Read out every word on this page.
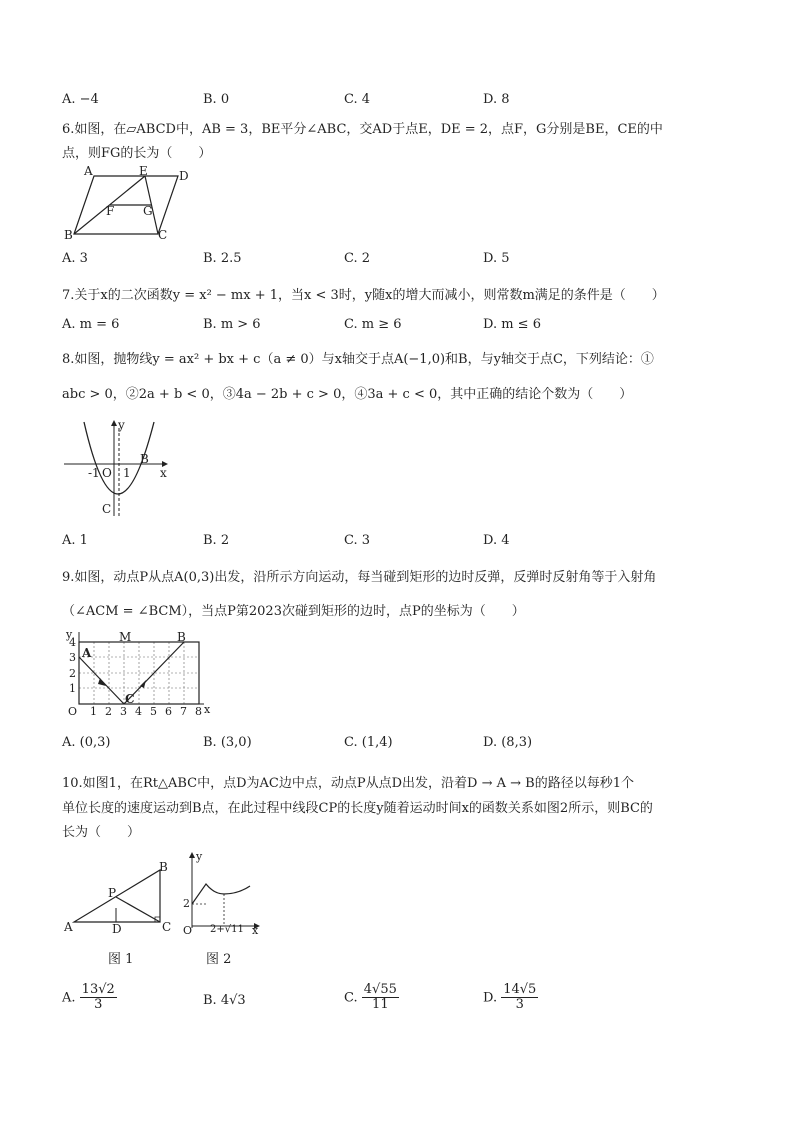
A. −4	B. 0	C. 4	D. 8
6.如图，在▱ABCD中，AB = 3，BE平分∠ABC，交AD于点E，DE = 2，点F，G分别是BE，CE的中
点，则FG的长为（　　）
A	E	D
F G
B	C
A. 3	B. 2.5	C. 2	D. 5
7.关于x的二次函数y = x² − mx + 1，当x < 3时，y随x的增大而减小，则常数m满足的条件是（　　）
A. m = 6	B. m > 6	C. m ≥ 6	D. m ≤ 6
8.如图，抛物线y = ax² + bx + c（a ≠ 0）与x轴交于点A(−1,0)和B，与y轴交于点C，下列结论：①
abc > 0，②2a + b < 0，③4a − 2b + c > 0，④3a + c < 0，其中正确的结论个数为（　　）
y
-1 O 1
B
x
C
A. 1	B. 2	C. 3	D. 4
9.如图，动点P从点A(0,3)出发，沿所示方向运动，每当碰到矩形的边时反弹，反弹时反射角等于入射角
（∠ACM = ∠BCM），当点P第2023次碰到矩形的边时，点P的坐标为（　　）
y
4
3
2
1
O 1 2 3 4 5 6 7 8 x
A
M	B
C
A. (0,3)	B. (3,0)	C. (1,4)	D. (8,3)
10.如图1，在Rt△ABC中，点D为AC边中点，动点P从点D出发，沿着D → A → B的路径以每秒1个
单位长度的速度运动到B点，在此过程中线段CP的长度y随着运动时间x的函数关系如图2所示，则BC的
长为（　　）
B
P
A	D	C
y
2
O 2+√11 x
图 1	图 2
A. $\frac{13√2}{3}$	B. 4√3	C. $\frac{4√55}{11}$	D. $\frac{14√5}{3}$
